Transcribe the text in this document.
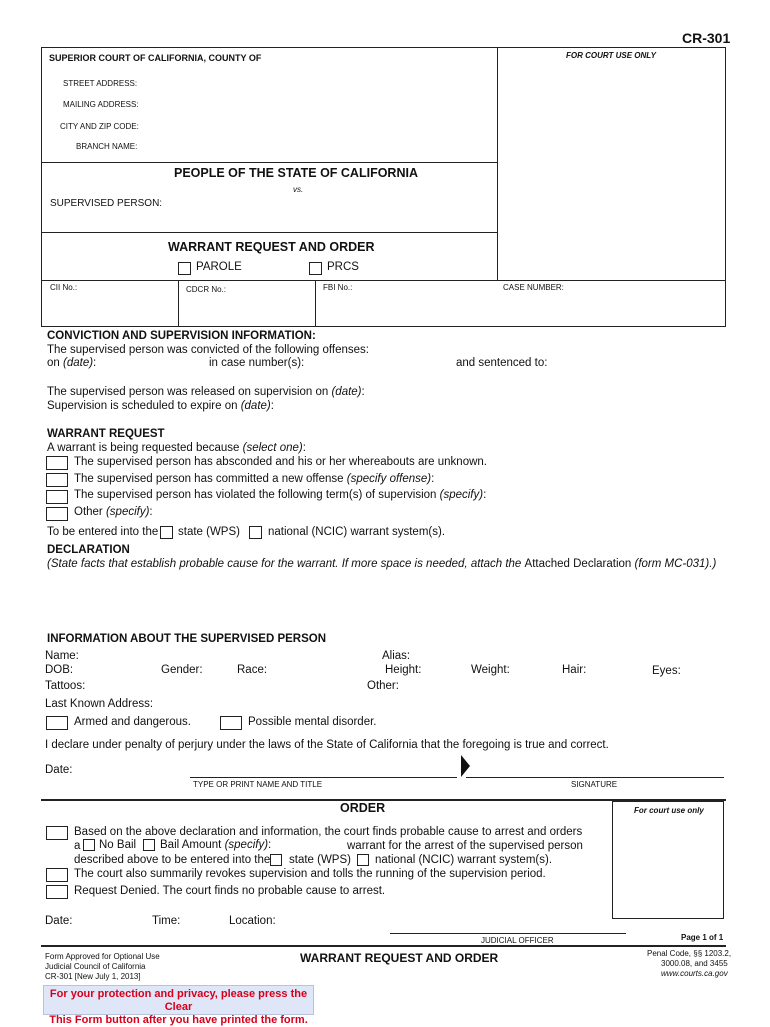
CR-301
SUPERIOR COURT OF CALIFORNIA, COUNTY OF	FOR COURT USE ONLY
STREET ADDRESS:
MAILING ADDRESS:
CITY AND ZIP CODE:
BRANCH NAME:
PEOPLE OF THE STATE OF CALIFORNIA
vs.
SUPERVISED PERSON:
WARRANT REQUEST AND ORDER
PAROLE	PRCS
CII No.:	CDCR No.:	FBI No.:	CASE NUMBER:
CONVICTION AND SUPERVISION INFORMATION:
The supervised person was convicted of the following offenses:
on (date):	in case number(s):	and sentenced to:
The supervised person was released on supervision on (date):
Supervision is scheduled to expire on (date):
WARRANT REQUEST
A warrant is being requested because (select one):
The supervised person has absconded and his or her whereabouts are unknown.
The supervised person has committed a new offense (specify offense):
The supervised person has violated the following term(s) of supervision (specify):
Other (specify):
To be entered into the state (WPS) national (NCIC) warrant system(s).
DECLARATION
(State facts that establish probable cause for the warrant. If more space is needed, attach the Attached Declaration (form MC-031).)
INFORMATION ABOUT THE SUPERVISED PERSON
Name:	Alias:
DOB:	Gender:	Race:	Height:	Weight:	Hair:	Eyes:
Tattoos:	Other:
Last Known Address:
Armed and dangerous.	Possible mental disorder.
I declare under penalty of perjury under the laws of the State of California that the foregoing is true and correct.
Date:
TYPE OR PRINT NAME AND TITLE	SIGNATURE
ORDER	For court use only
Based on the above declaration and information, the court finds probable cause to arrest and orders
a No Bail Bail Amount (specify):	warrant for the arrest of the supervised person
described above to be entered into the state (WPS) national (NCIC) warrant system(s).
The court also summarily revokes supervision and tolls the running of the supervision period.
Request Denied. The court finds no probable cause to arrest.
Date:	Time:	Location:
JUDICIAL OFFICER	Page 1 of 1
Form Approved for Optional Use
Judicial Council of California
CR-301 [New July 1, 2013]
WARRANT REQUEST AND ORDER	Penal Code, §§ 1203.2,
3000.08, and 3455
www.courts.ca.gov
For your protection and privacy, please press the Clear
This Form button after you have printed the form.
